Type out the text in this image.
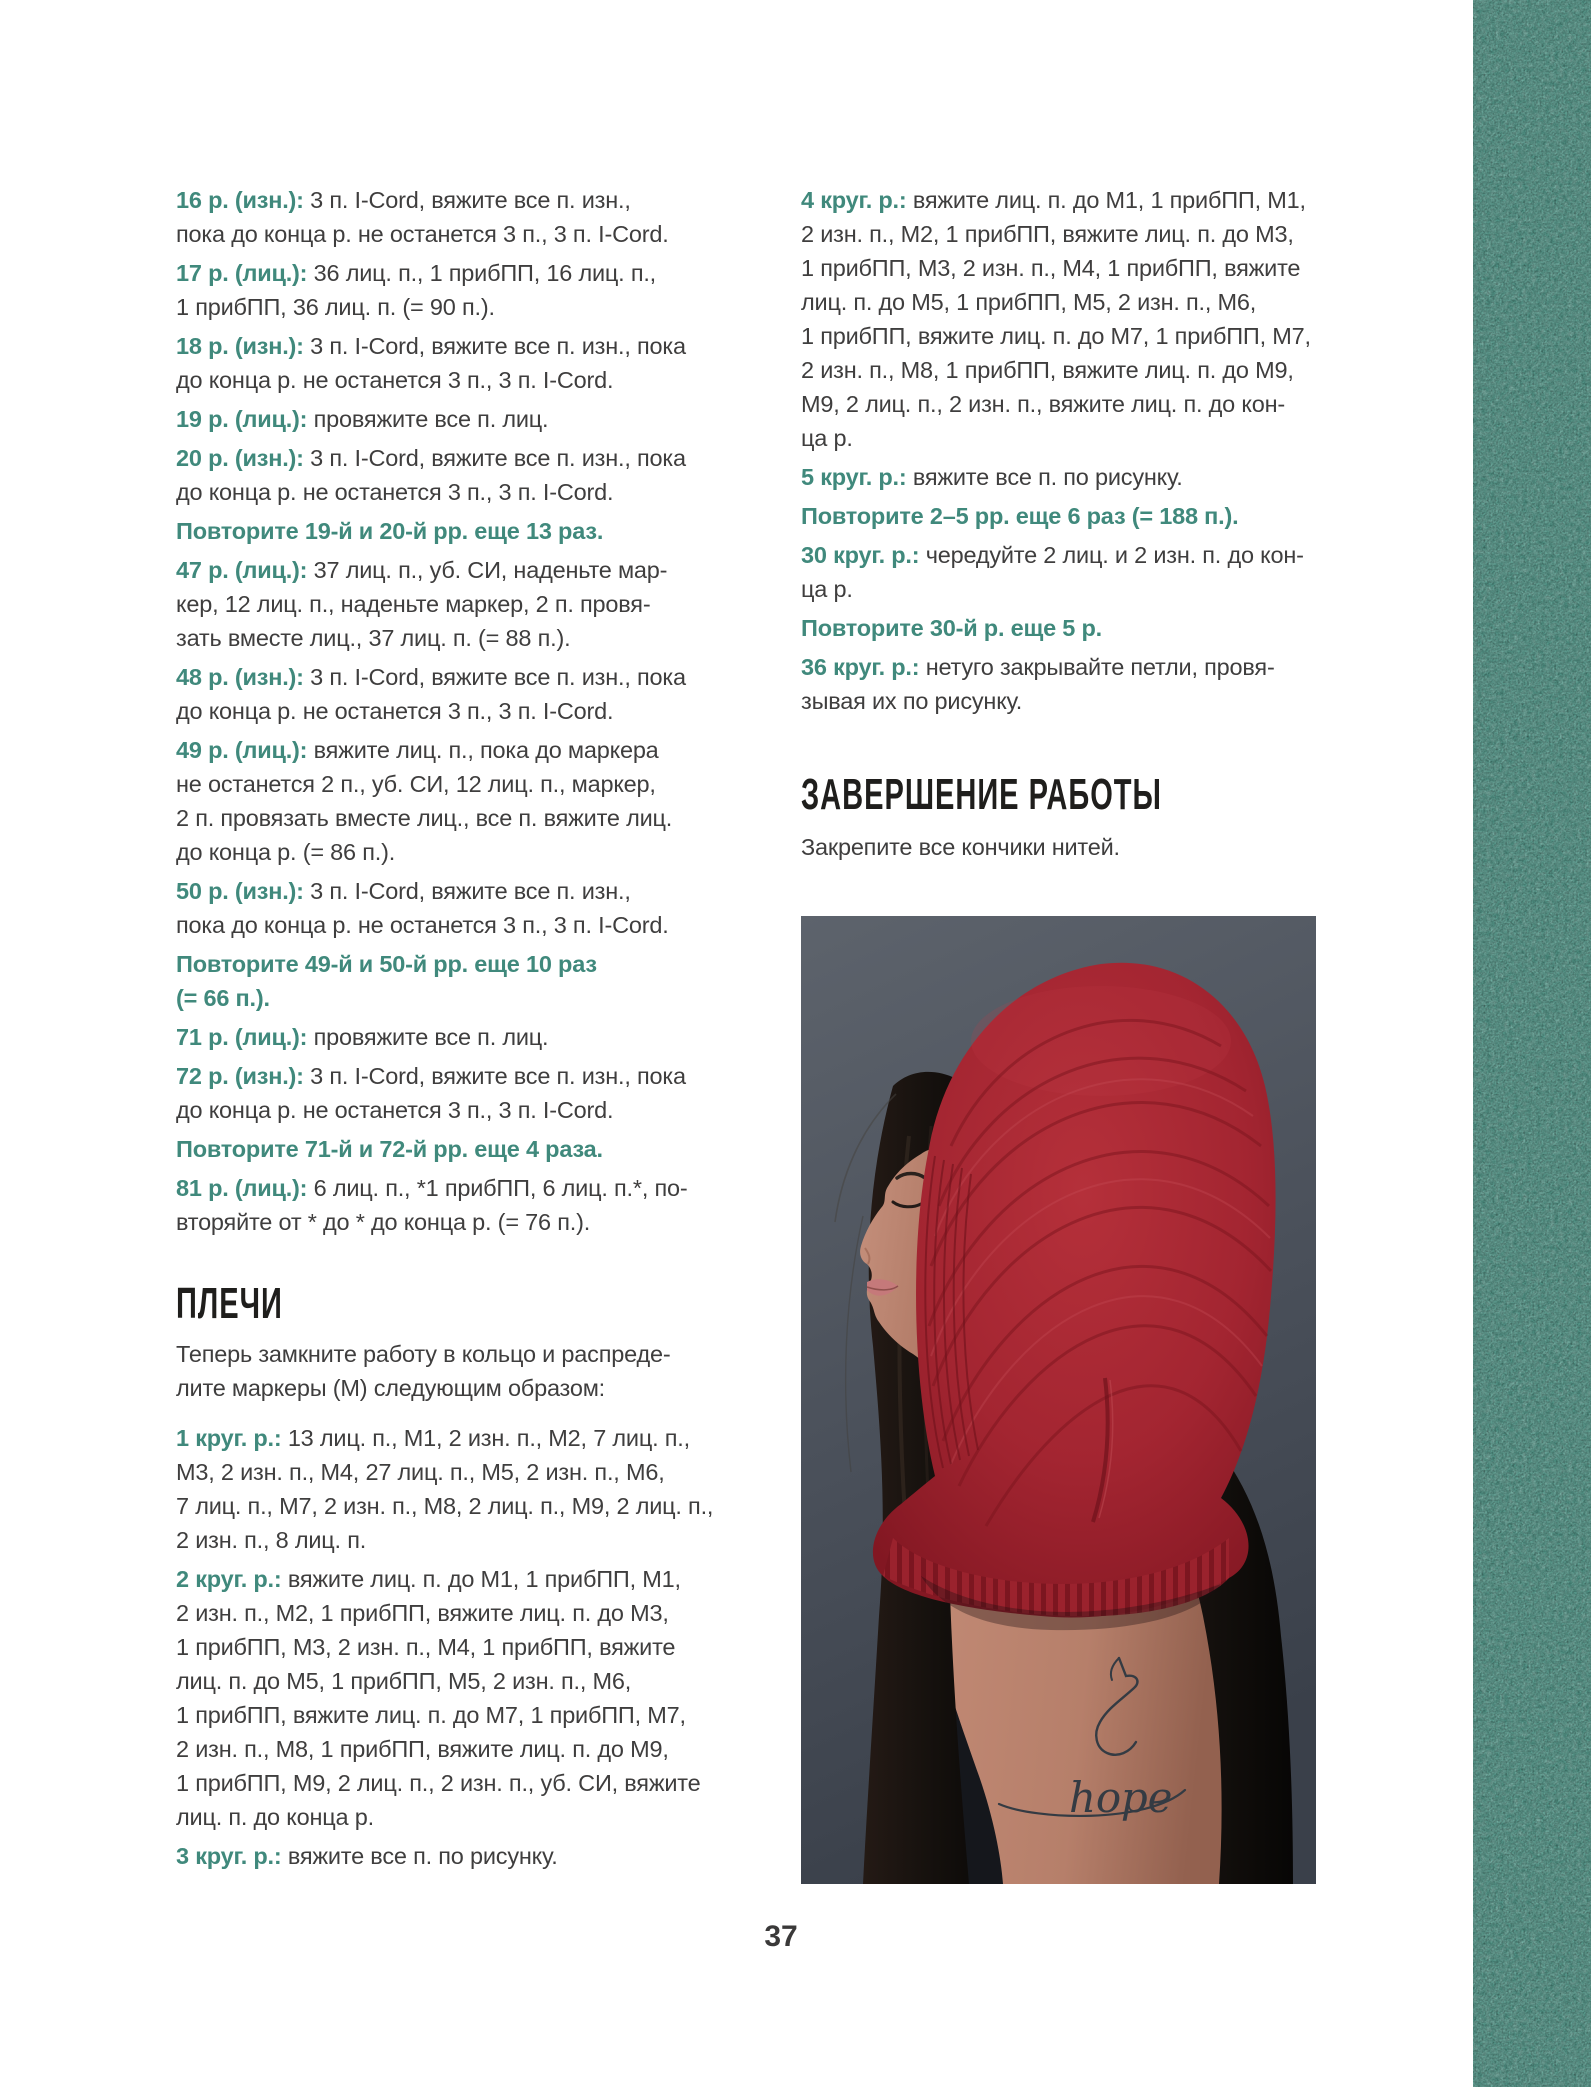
16 р. (изн.): 3 п. I-Cord, вяжите все п. изн.,
пока до конца р. не останется 3 п., 3 п. I-Cord.

17 р. (лиц.): 36 лиц. п., 1 прибПП, 16 лиц. п.,
1 прибПП, 36 лиц. п. (= 90 п.).

18 р. (изн.): 3 п. I-Cord, вяжите все п. изн., пока
до конца р. не останется 3 п., 3 п. I-Cord.

19 р. (лиц.): провяжите все п. лиц.

20 р. (изн.): 3 п. I-Cord, вяжите все п. изн., пока
до конца р. не останется 3 п., 3 п. I-Cord.

Повторите 19-й и 20-й рр. еще 13 раз.

47 р. (лиц.): 37 лиц. п., уб. СИ, наденьте мар-
кер, 12 лиц. п., наденьте маркер, 2 п. провя-
зать вместе лиц., 37 лиц. п. (= 88 п.).

48 р. (изн.): 3 п. I-Cord, вяжите все п. изн., пока
до конца р. не останется 3 п., 3 п. I-Cord.

49 р. (лиц.): вяжите лиц. п., пока до маркера
не останется 2 п., уб. СИ, 12 лиц. п., маркер,
2 п. провязать вместе лиц., все п. вяжите лиц.
до конца р. (= 86 п.).

50 р. (изн.): 3 п. I-Cord, вяжите все п. изн.,
пока до конца р. не останется 3 п., 3 п. I-Cord.

Повторите 49-й и 50-й рр. еще 10 раз
(= 66 п.).

71 р. (лиц.): провяжите все п. лиц.

72 р. (изн.): 3 п. I-Cord, вяжите все п. изн., пока
до конца р. не останется 3 п., 3 п. I-Cord.

Повторите 71-й и 72-й рр. еще 4 раза.

81 р. (лиц.): 6 лиц. п., *1 прибПП, 6 лиц. п.*, по-
вторяйте от * до * до конца р. (= 76 п.).

ПЛЕЧИ

Теперь замкните работу в кольцо и распреде-
лите маркеры (М) следующим образом:

1 круг. р.: 13 лиц. п., М1, 2 изн. п., М2, 7 лиц. п.,
М3, 2 изн. п., М4, 27 лиц. п., М5, 2 изн. п., М6,
7 лиц. п., М7, 2 изн. п., М8, 2 лиц. п., М9, 2 лиц. п.,
2 изн. п., 8 лиц. п.

2 круг. р.: вяжите лиц. п. до М1, 1 прибПП, М1,
2 изн. п., М2, 1 прибПП, вяжите лиц. п. до М3,
1 прибПП, М3, 2 изн. п., М4, 1 прибПП, вяжите
лиц. п. до М5, 1 прибПП, М5, 2 изн. п., М6,
1 прибПП, вяжите лиц. п. до М7, 1 прибПП, М7,
2 изн. п., М8, 1 прибПП, вяжите лиц. п. до М9,
1 прибПП, М9, 2 лиц. п., 2 изн. п., уб. СИ, вяжите
лиц. п. до конца р.

3 круг. р.: вяжите все п. по рисунку.

4 круг. р.: вяжите лиц. п. до М1, 1 прибПП, М1,
2 изн. п., М2, 1 прибПП, вяжите лиц. п. до М3,
1 прибПП, М3, 2 изн. п., М4, 1 прибПП, вяжите
лиц. п. до М5, 1 прибПП, М5, 2 изн. п., М6,
1 прибПП, вяжите лиц. п. до М7, 1 прибПП, М7,
2 изн. п., М8, 1 прибПП, вяжите лиц. п. до М9,
М9, 2 лиц. п., 2 изн. п., вяжите лиц. п. до кон-
ца р.

5 круг. р.: вяжите все п. по рисунку.

Повторите 2–5 рр. еще 6 раз (= 188 п.).

30 круг. р.: чередуйте 2 лиц. и 2 изн. п. до кон-
ца р.

Повторите 30-й р. еще 5 р.

36 круг. р.: нетуго закрывайте петли, провя-
зывая их по рисунку.

ЗАВЕРШЕНИЕ РАБОТЫ

Закрепите все кончики нитей.

hope
37
